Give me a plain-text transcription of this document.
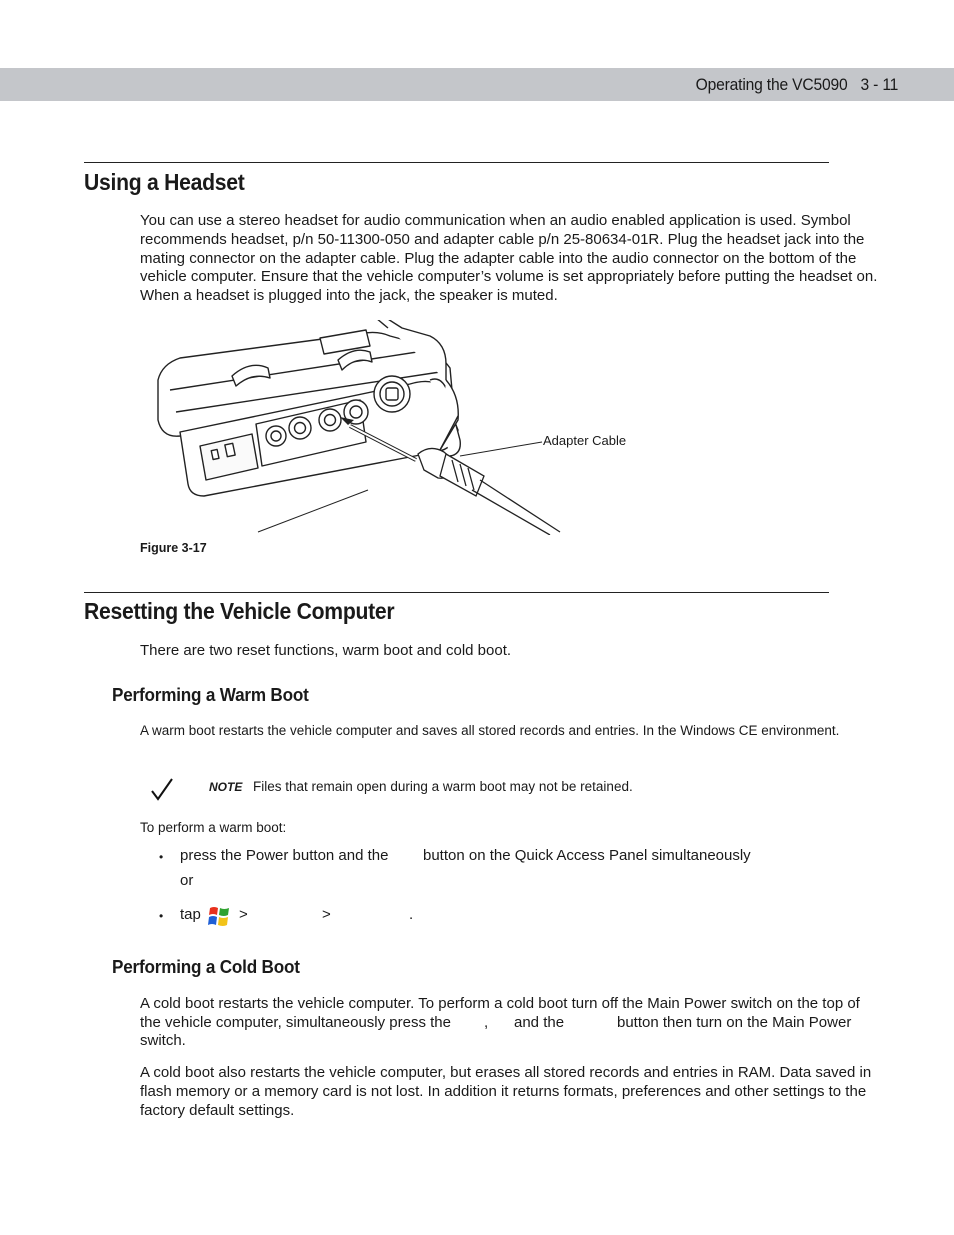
Operating the VC5090 3 - 11
Using a Headset
You can use a stereo headset for audio communication when an audio enabled application is used. Symbol recommends headset, p/n 50-11300-050 and adapter cable p/n 25-80634-01R. Plug the headset jack into the mating connector on the adapter cable. Plug the adapter cable into the audio connector on the bottom of the vehicle computer. Ensure that the vehicle computer’s volume is set appropriately before putting the headset on. When a headset is plugged into the jack, the speaker is muted.
Adapter Cable
Figure 3-17
Resetting the Vehicle Computer
There are two reset functions, warm boot and cold boot.
Performing a Warm Boot
A warm boot restarts the vehicle computer and saves all stored records and entries. In the Windows CE environment.
NOTE Files that remain open during a warm boot may not be retained.
To perform a warm boot:
• press the Power button and the	button on the Quick Access Panel simultaneously
or
• tap	>	>	.
Performing a Cold Boot
A cold boot restarts the vehicle computer. To perform a cold boot turn off the Main Power switch on the top of
the vehicle computer, simultaneously press the	,	and the	button then turn on the Main Power
switch.
A cold boot also restarts the vehicle computer, but erases all stored records and entries in RAM. Data saved in flash memory or a memory card is not lost. In addition it returns formats, preferences and other settings to the factory default settings.
